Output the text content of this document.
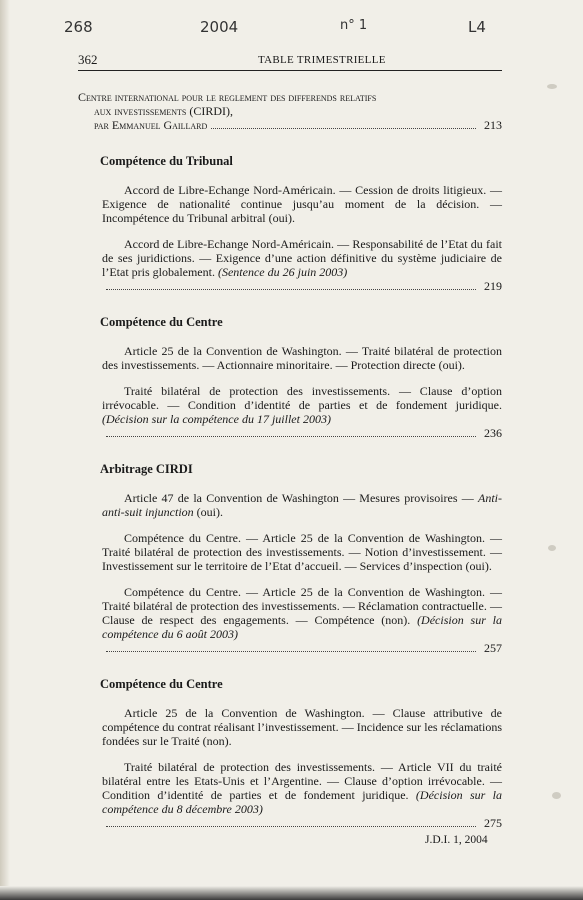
268	2004	n° 1	L4
362	TABLE TRIMESTRIELLE
Centre international pour le reglement des differends relatifs
aux investissements (CIRDI),
par Emmanuel Gaillard	213
Compétence du Tribunal
Accord de Libre-Echange Nord-Américain. — Cession de droits litigieux. — Exigence de nationalité continue jusqu’au moment de la décision. — Incompétence du Tribunal arbitral (oui).
Accord de Libre-Echange Nord-Américain. — Responsabilité de l’Etat du fait de ses juridictions. — Exigence d’une action définitive du système judiciaire de l’Etat pris globalement. (Sentence du 26 juin 2003)
219
Compétence du Centre
Article 25 de la Convention de Washington. — Traité bilatéral de protection des investissements. — Actionnaire minoritaire. — Protection directe (oui).
Traité bilatéral de protection des investissements. — Clause d’option irrévocable. — Condition d’identité de parties et de fondement juridique. (Décision sur la compétence du 17 juillet 2003)
236
Arbitrage CIRDI
Article 47 de la Convention de Washington — Mesures provisoires — Anti-anti-suit injunction (oui).
Compétence du Centre. — Article 25 de la Convention de Washington. — Traité bilatéral de protection des investissements. — Notion d’investissement. — Investissement sur le territoire de l’Etat d’accueil. — Services d’inspection (oui).
Compétence du Centre. — Article 25 de la Convention de Washington. — Traité bilatéral de protection des investissements. — Réclamation contractuelle. — Clause de respect des engagements. — Compétence (non). (Décision sur la compétence du 6 août 2003)
257
Compétence du Centre
Article 25 de la Convention de Washington. — Clause attributive de compétence du contrat réalisant l’investissement. — Incidence sur les réclamations fondées sur le Traité (non).
Traité bilatéral de protection des investissements. — Article VII du traité bilatéral entre les Etats-Unis et l’Argentine. — Clause d’option irrévocable. — Condition d’identité de parties et de fondement juridique. (Décision sur la compétence du 8 décembre 2003)
275
J.D.I. 1, 2004
